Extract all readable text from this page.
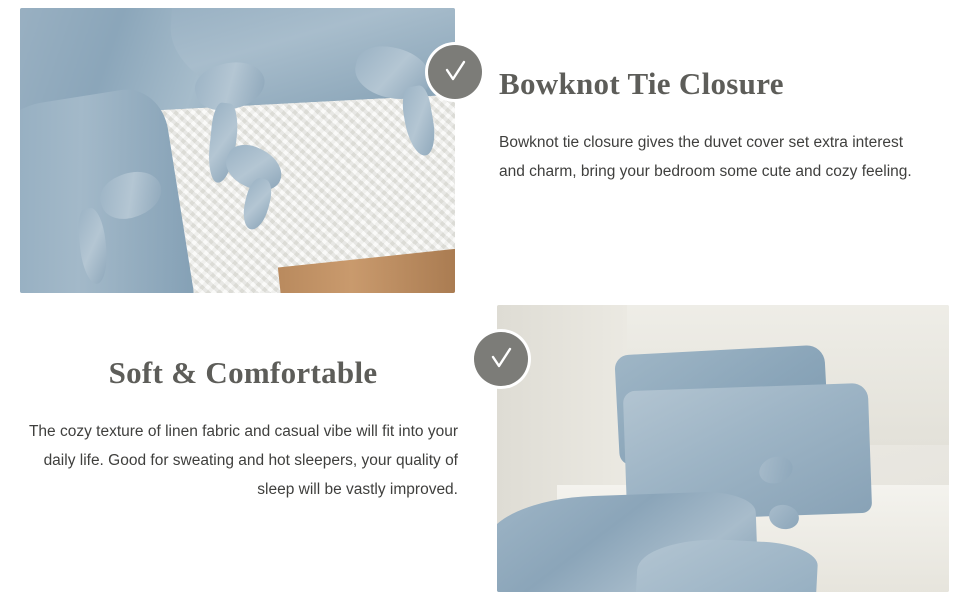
Bowknot Tie Closure

Bowknot tie closure gives the duvet cover set extra interest and charm, bring your bedroom some cute and cozy feeling.

Soft & Comfortable

The cozy texture of linen fabric and casual vibe will fit into your daily life. Good for sweating and hot sleepers, your quality of sleep will be vastly improved.
